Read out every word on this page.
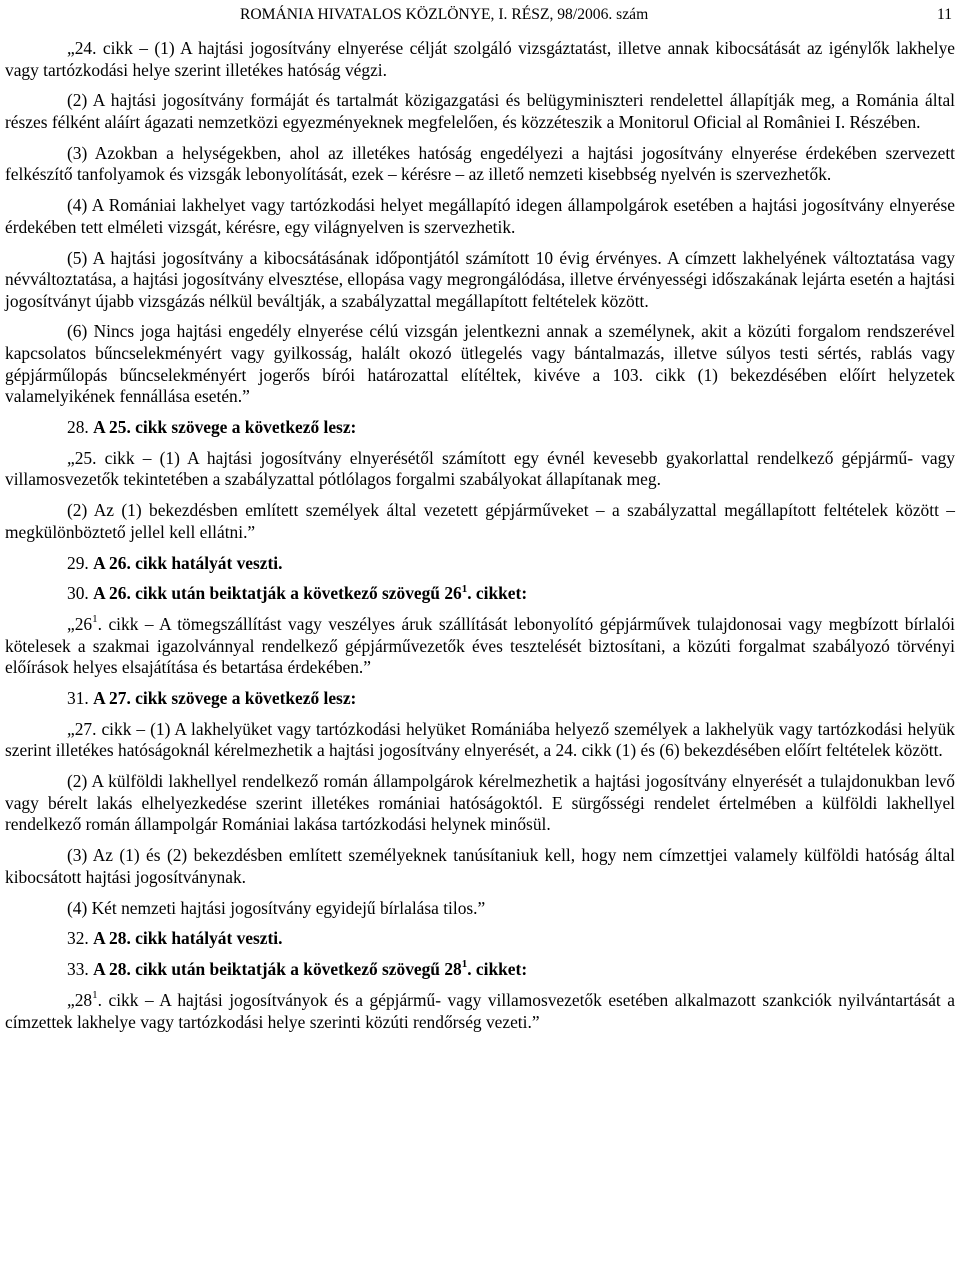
ROMÁNIA HIVATALOS KÖZLÖNYE, I. RÉSZ, 98/2006. szám	11

„24. cikk – (1) A hajtási jogosítvány elnyerése célját szolgáló vizsgáztatást, illetve annak kibocsátását az igénylők lakhelye vagy tartózkodási helye szerint illetékes hatóság végzi.

(2) A hajtási jogosítvány formáját és tartalmát közigazgatási és belügyminiszteri rendelettel állapítják meg, a Románia által részes félként aláírt ágazati nemzetközi egyezményeknek megfelelően, és közzéteszik a Monitorul Oficial al României I. Részében.

(3) Azokban a helységekben, ahol az illetékes hatóság engedélyezi a hajtási jogosítvány elnyerése érdekében szervezett felkészítő tanfolyamok és vizsgák lebonyolítását, ezek – kérésre – az illető nemzeti kisebbség nyelvén is szervezhetők.

(4) A Romániai lakhelyet vagy tartózkodási helyet megállapító idegen állampolgárok esetében a hajtási jogosítvány elnyerése érdekében tett elméleti vizsgát, kérésre, egy világnyelven is szervezhetik.

(5) A hajtási jogosítvány a kibocsátásának időpontjától számított 10 évig érvényes. A címzett lakhelyének változtatása vagy névváltoztatása, a hajtási jogosítvány elvesztése, ellopása vagy megrongálódása, illetve érvényességi időszakának lejárta esetén a hajtási jogosítványt újabb vizsgázás nélkül beváltják, a szabályzattal megállapított feltételek között.

(6) Nincs joga hajtási engedély elnyerése célú vizsgán jelentkezni annak a személynek, akit a közúti forgalom rendszerével kapcsolatos bűncselekményért vagy gyilkosság, halált okozó ütlegelés vagy bántalmazás, illetve súlyos testi sértés, rablás vagy gépjárműlopás bűncselekményért jogerős bírói határozattal elítéltek, kivéve a 103. cikk (1) bekezdésében előírt helyzetek valamelyikének fennállása esetén.”

28. A 25. cikk szövege a következő lesz:

„25. cikk – (1) A hajtási jogosítvány elnyerésétől számított egy évnél kevesebb gyakorlattal rendelkező gépjármű- vagy villamosvezetők tekintetében a szabályzattal pótlólagos forgalmi szabályokat állapítanak meg.

(2) Az (1) bekezdésben említett személyek által vezetett gépjárműveket – a szabályzattal megállapított feltételek között – megkülönböztető jellel kell ellátni.”

29. A 26. cikk hatályát veszti.

30. A 26. cikk után beiktatják a következő szövegű $26^1$. cikket:

$„26^1$. cikk – A tömegszállítást vagy veszélyes áruk szállítását lebonyolító gépjárművek tulajdonosai vagy megbízott bírlalói kötelesek a szakmai igazolvánnyal rendelkező gépjárművezetők éves tesztelését biztosítani, a közúti forgalmat szabályozó törvényi előírások helyes elsajátítása és betartása érdekében.”

31. A 27. cikk szövege a következő lesz:

„27. cikk – (1) A lakhelyüket vagy tartózkodási helyüket Romániába helyező személyek a lakhelyük vagy tartózkodási helyük szerint illetékes hatóságoknál kérelmezhetik a hajtási jogosítvány elnyerését, a 24. cikk (1) és (6) bekezdésében előírt feltételek között.

(2) A külföldi lakhellyel rendelkező román állampolgárok kérelmezhetik a hajtási jogosítvány elnyerését a tulajdonukban levő vagy bérelt lakás elhelyezkedése szerint illetékes romániai hatóságoktól. E sürgősségi rendelet értelmében a külföldi lakhellyel rendelkező román állampolgár Romániai lakása tartózkodási helynek minősül.

(3) Az (1) és (2) bekezdésben említett személyeknek tanúsítaniuk kell, hogy nem címzettjei valamely külföldi hatóság által kibocsátott hajtási jogosítványnak.

(4) Két nemzeti hajtási jogosítvány egyidejű bírlalása tilos.”

32. A 28. cikk hatályát veszti.

33. A 28. cikk után beiktatják a következő szövegű $28^1$. cikket:

$„28^1$. cikk – A hajtási jogosítványok és a gépjármű- vagy villamosvezetők esetében alkalmazott szankciók nyilvántartását a címzettek lakhelye vagy tartózkodási helye szerinti közúti rendőrség vezeti.”
